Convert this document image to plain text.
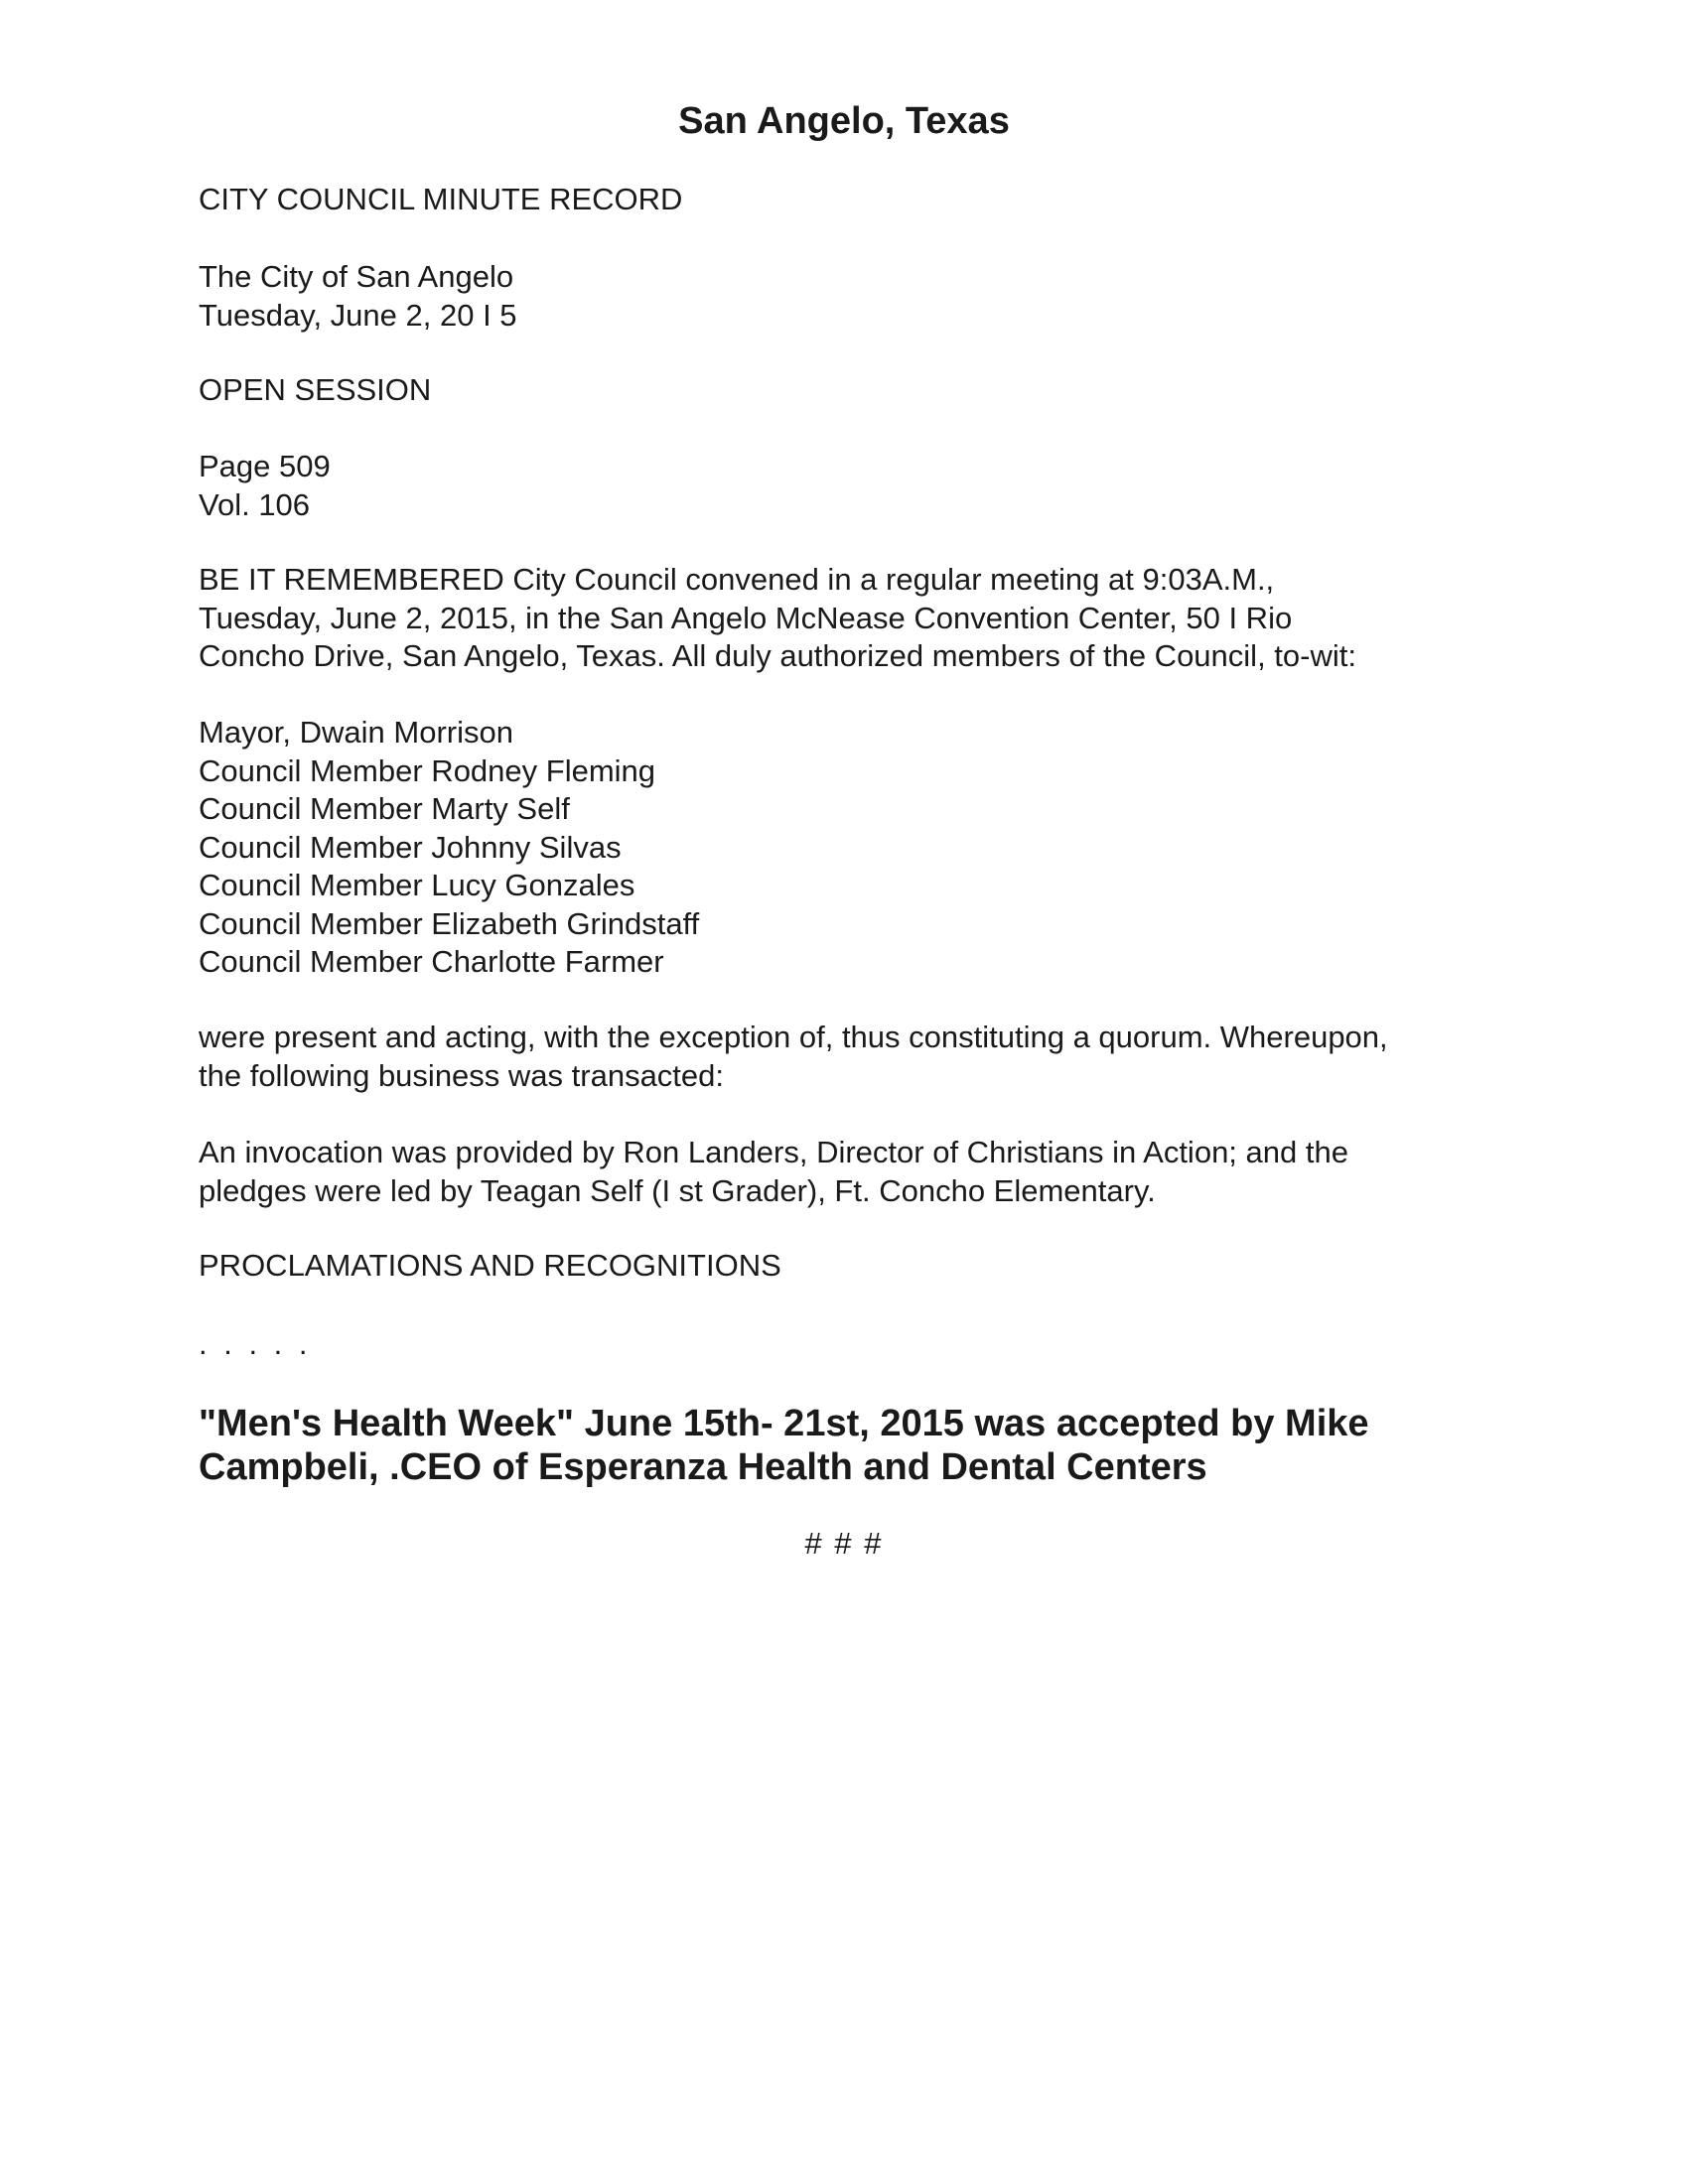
San Angelo, Texas

CITY COUNCIL MINUTE RECORD

The City of San Angelo
Tuesday, June 2, 20 I 5

OPEN SESSION

Page 509
Vol. 106

BE IT REMEMBERED City Council convened in a regular meeting at 9:03A.M.,
Tuesday, June 2, 2015, in the San Angelo McNease Convention Center, 50 I Rio
Concho Drive, San Angelo, Texas. All duly authorized members of the Council, to-wit:

Mayor, Dwain Morrison
Council Member Rodney Fleming
Council Member Marty Self
Council Member Johnny Silvas
Council Member Lucy Gonzales
Council Member Elizabeth Grindstaff
Council Member Charlotte Farmer

were present and acting, with the exception of, thus constituting a quorum. Whereupon,
the following business was transacted:

An invocation was provided by Ron Landers, Director of Christians in Action; and the
pledges were led by Teagan Self (I st Grader), Ft. Concho Elementary.

PROCLAMATIONS AND RECOGNITIONS

. . . . .

"Men's Health Week" June 15th- 21st, 2015 was accepted by Mike
Campbeli, .CEO of Esperanza Health and Dental Centers
# # #
